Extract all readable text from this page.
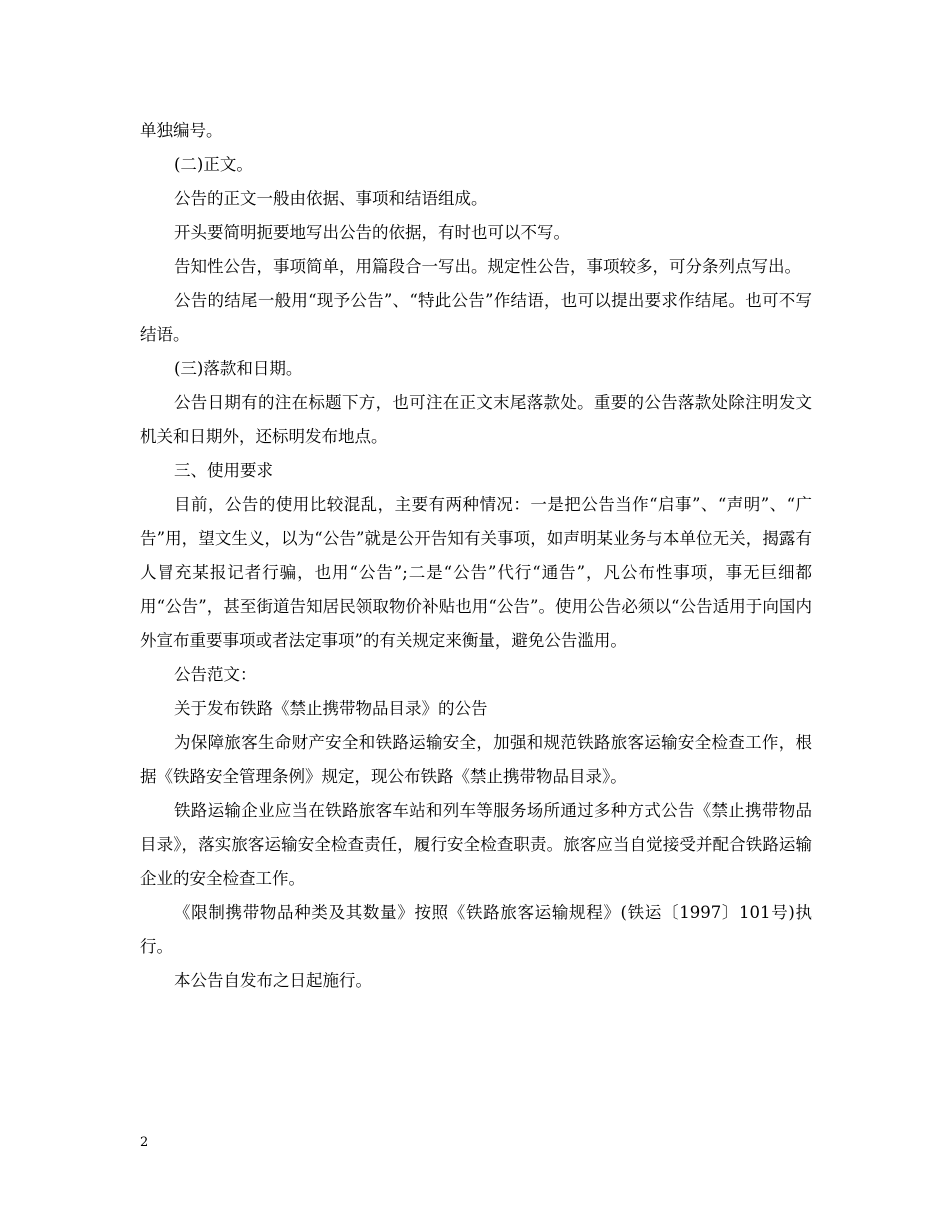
单独编号。

(二)正文。

公告的正文一般由依据、事项和结语组成。

开头要简明扼要地写出公告的依据，有时也可以不写。

告知性公告，事项简单，用篇段合一写出。规定性公告，事项较多，可分条列点写出。

公告的结尾一般用“现予公告”、“特此公告”作结语，也可以提出要求作结尾。也可不写结语。

(三)落款和日期。

公告日期有的注在标题下方，也可注在正文末尾落款处。重要的公告落款处除注明发文机关和日期外，还标明发布地点。

三、使用要求

目前，公告的使用比较混乱，主要有两种情况：一是把公告当作“启事”、“声明”、“广告”用，望文生义，以为“公告”就是公开告知有关事项，如声明某业务与本单位无关，揭露有人冒充某报记者行骗，也用“公告”;二是“公告”代行“通告”，凡公布性事项，事无巨细都用“公告”，甚至街道告知居民领取物价补贴也用“公告”。使用公告必须以“公告适用于向国内外宣布重要事项或者法定事项”的有关规定来衡量，避免公告滥用。

公告范文：

关于发布铁路《禁止携带物品目录》的公告

为保障旅客生命财产安全和铁路运输安全，加强和规范铁路旅客运输安全检查工作，根据《铁路安全管理条例》规定，现公布铁路《禁止携带物品目录》。

铁路运输企业应当在铁路旅客车站和列车等服务场所通过多种方式公告《禁止携带物品目录》，落实旅客运输安全检查责任，履行安全检查职责。旅客应当自觉接受并配合铁路运输企业的安全检查工作。

《限制携带物品种类及其数量》按照《铁路旅客运输规程》(铁运〔1997〕101号)执行。

本公告自发布之日起施行。

2
